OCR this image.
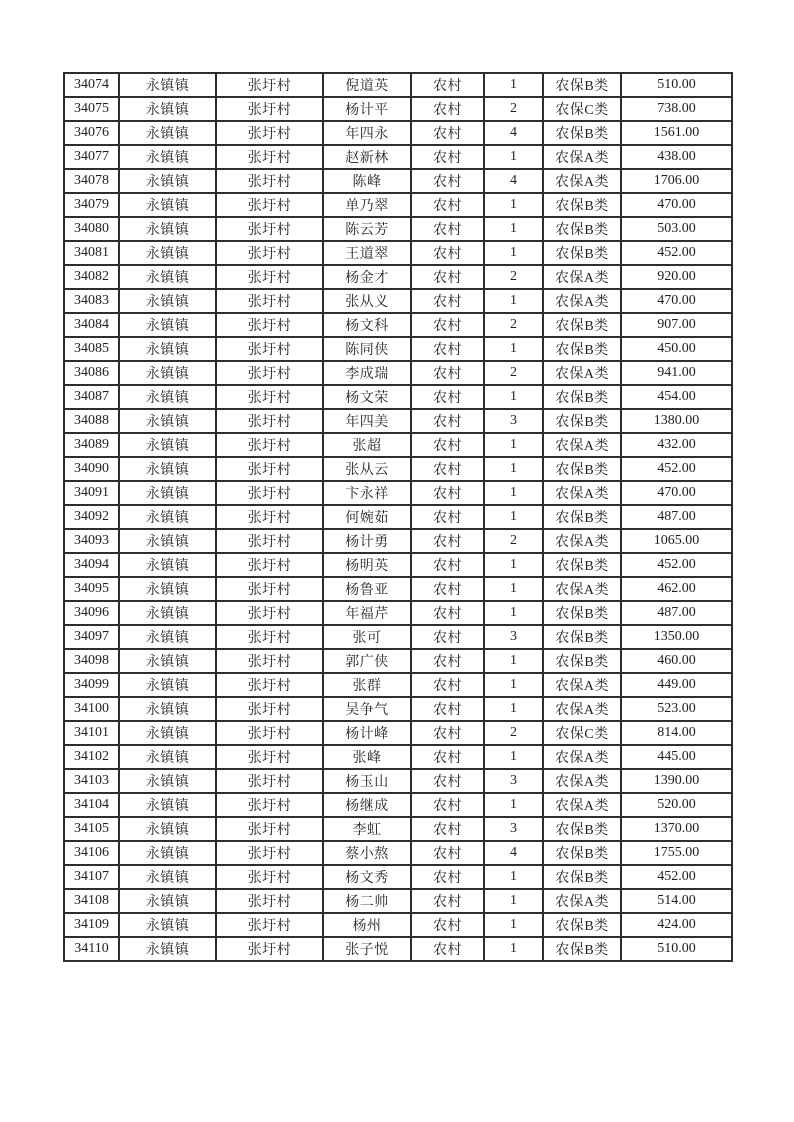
34074	永镇镇	张圩村	倪道英	农村	1	农保B类	510.00
34075	永镇镇	张圩村	杨计平	农村	2	农保C类	738.00
34076	永镇镇	张圩村	年四永	农村	4	农保B类	1561.00
34077	永镇镇	张圩村	赵新林	农村	1	农保A类	438.00
34078	永镇镇	张圩村	陈峰	农村	4	农保A类	1706.00
34079	永镇镇	张圩村	单乃翠	农村	1	农保B类	470.00
34080	永镇镇	张圩村	陈云芳	农村	1	农保B类	503.00
34081	永镇镇	张圩村	王道翠	农村	1	农保B类	452.00
34082	永镇镇	张圩村	杨金才	农村	2	农保A类	920.00
34083	永镇镇	张圩村	张从义	农村	1	农保A类	470.00
34084	永镇镇	张圩村	杨文科	农村	2	农保B类	907.00
34085	永镇镇	张圩村	陈同侠	农村	1	农保B类	450.00
34086	永镇镇	张圩村	李成瑞	农村	2	农保A类	941.00
34087	永镇镇	张圩村	杨文荣	农村	1	农保B类	454.00
34088	永镇镇	张圩村	年四美	农村	3	农保B类	1380.00
34089	永镇镇	张圩村	张超	农村	1	农保A类	432.00
34090	永镇镇	张圩村	张从云	农村	1	农保B类	452.00
34091	永镇镇	张圩村	卞永祥	农村	1	农保A类	470.00
34092	永镇镇	张圩村	何婉茹	农村	1	农保B类	487.00
34093	永镇镇	张圩村	杨计勇	农村	2	农保A类	1065.00
34094	永镇镇	张圩村	杨明英	农村	1	农保B类	452.00
34095	永镇镇	张圩村	杨鲁亚	农村	1	农保A类	462.00
34096	永镇镇	张圩村	年福芹	农村	1	农保B类	487.00
34097	永镇镇	张圩村	张可	农村	3	农保B类	1350.00
34098	永镇镇	张圩村	郭广侠	农村	1	农保B类	460.00
34099	永镇镇	张圩村	张群	农村	1	农保A类	449.00
34100	永镇镇	张圩村	吴争气	农村	1	农保A类	523.00
34101	永镇镇	张圩村	杨计峰	农村	2	农保C类	814.00
34102	永镇镇	张圩村	张峰	农村	1	农保A类	445.00
34103	永镇镇	张圩村	杨玉山	农村	3	农保A类	1390.00
34104	永镇镇	张圩村	杨继成	农村	1	农保A类	520.00
34105	永镇镇	张圩村	李虹	农村	3	农保B类	1370.00
34106	永镇镇	张圩村	蔡小熬	农村	4	农保B类	1755.00
34107	永镇镇	张圩村	杨文秀	农村	1	农保B类	452.00
34108	永镇镇	张圩村	杨二帅	农村	1	农保A类	514.00
34109	永镇镇	张圩村	杨州	农村	1	农保B类	424.00
34110	永镇镇	张圩村	张子悦	农村	1	农保B类	510.00
